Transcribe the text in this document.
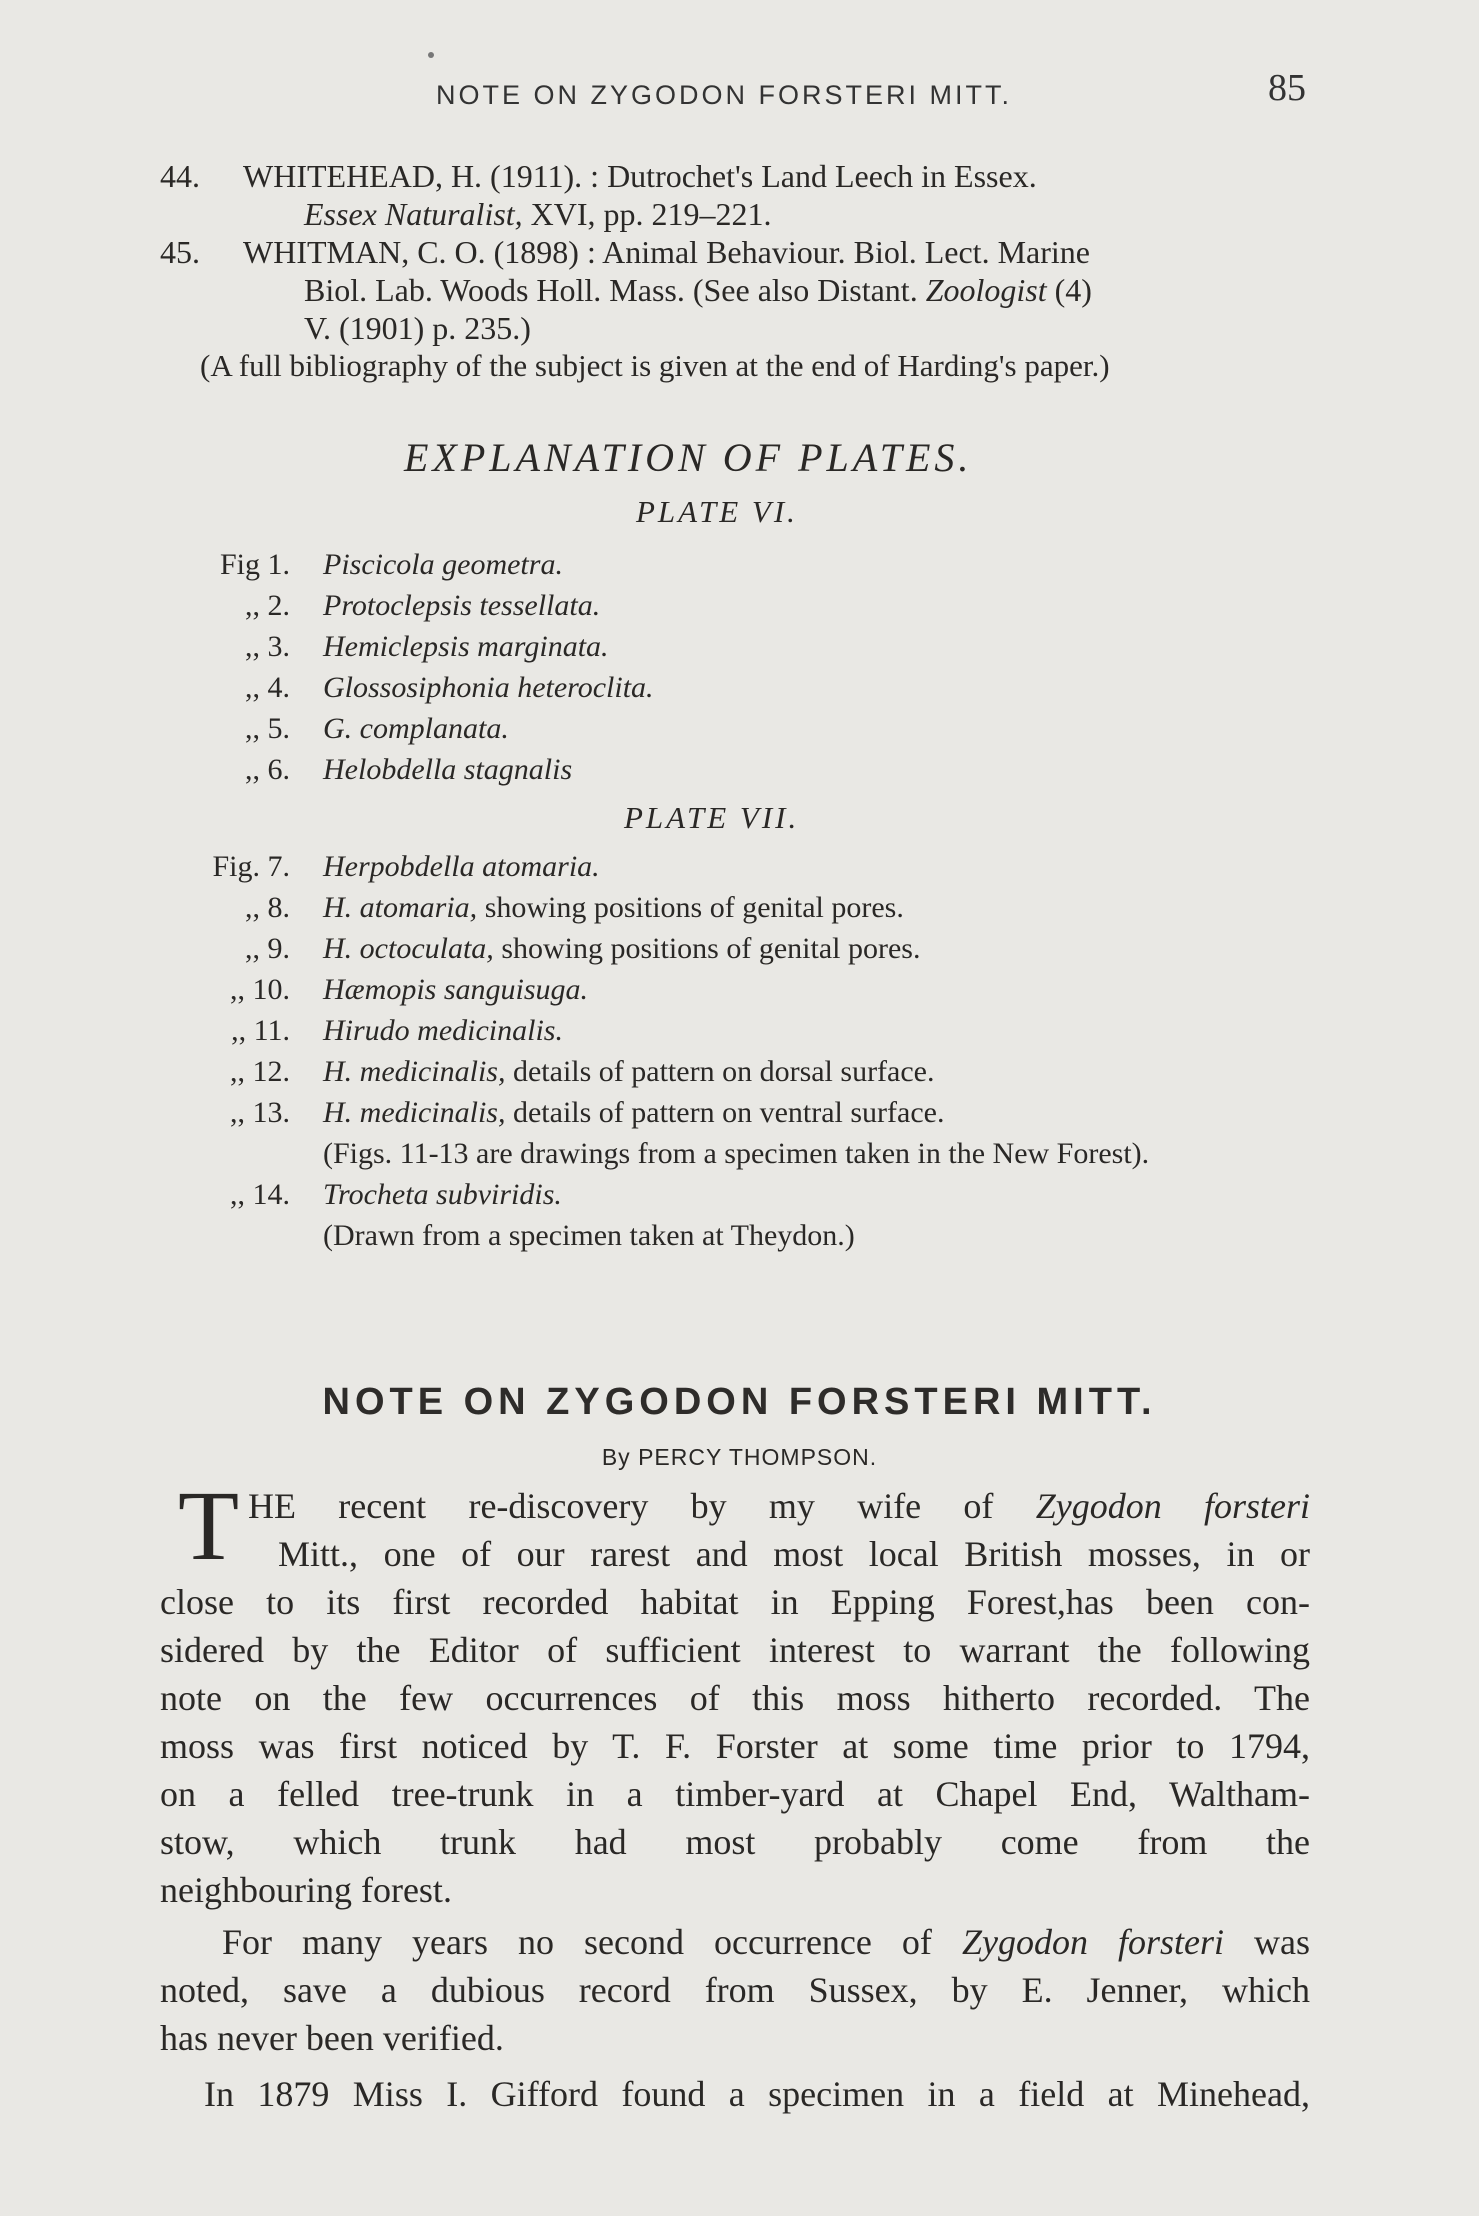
NOTE ON ZYGODON FORSTERI MITT.	85
44. WHITEHEAD, H. (1911). : Dutrochet's Land Leech in Essex.
Essex Naturalist, XVI, pp. 219–221.
45. WHITMAN, C. O. (1898) : Animal Behaviour. Biol. Lect. Marine
Biol. Lab. Woods Holl. Mass. (See also Distant. Zoologist (4)
V. (1901) p. 235.)
(A full bibliography of the subject is given at the end of Harding's paper.)
EXPLANATION OF PLATES.
PLATE VI.
Fig 1. Piscicola geometra.
,, 2. Protoclepsis tessellata.
,, 3. Hemiclepsis marginata.
,, 4. Glossosiphonia heteroclita.
,, 5. G. complanata.
,, 6. Helobdella stagnalis
PLATE VII.
Fig. 7. Herpobdella atomaria.
,, 8. H. atomaria, showing positions of genital pores.
,, 9. H. octoculata, showing positions of genital pores.
,, 10. Hæmopis sanguisuga.
,, 11. Hirudo medicinalis.
,, 12. H. medicinalis, details of pattern on dorsal surface.
,, 13. H. medicinalis, details of pattern on ventral surface.
(Figs. 11-13 are drawings from a specimen taken in the New Forest).
,, 14. Trocheta subviridis.
(Drawn from a specimen taken at Theydon.)
NOTE ON ZYGODON FORSTERI MITT.
By PERCY THOMPSON.
T HE recent re-discovery by my wife of Zygodon forsteri
Mitt., one of our rarest and most local British mosses, in or
close to its first recorded habitat in Epping Forest,has been con-
sidered by the Editor of sufficient interest to warrant the following
note on the few occurrences of this moss hitherto recorded. The
moss was first noticed by T. F. Forster at some time prior to 1794,
on a felled tree-trunk in a timber-yard at Chapel End, Waltham-
stow, which trunk had most probably come from the
neighbouring forest.
For many years no second occurrence of Zygodon forsteri was
noted, save a dubious record from Sussex, by E. Jenner, which
has never been verified.
In 1879 Miss I. Gifford found a specimen in a field at Minehead,
